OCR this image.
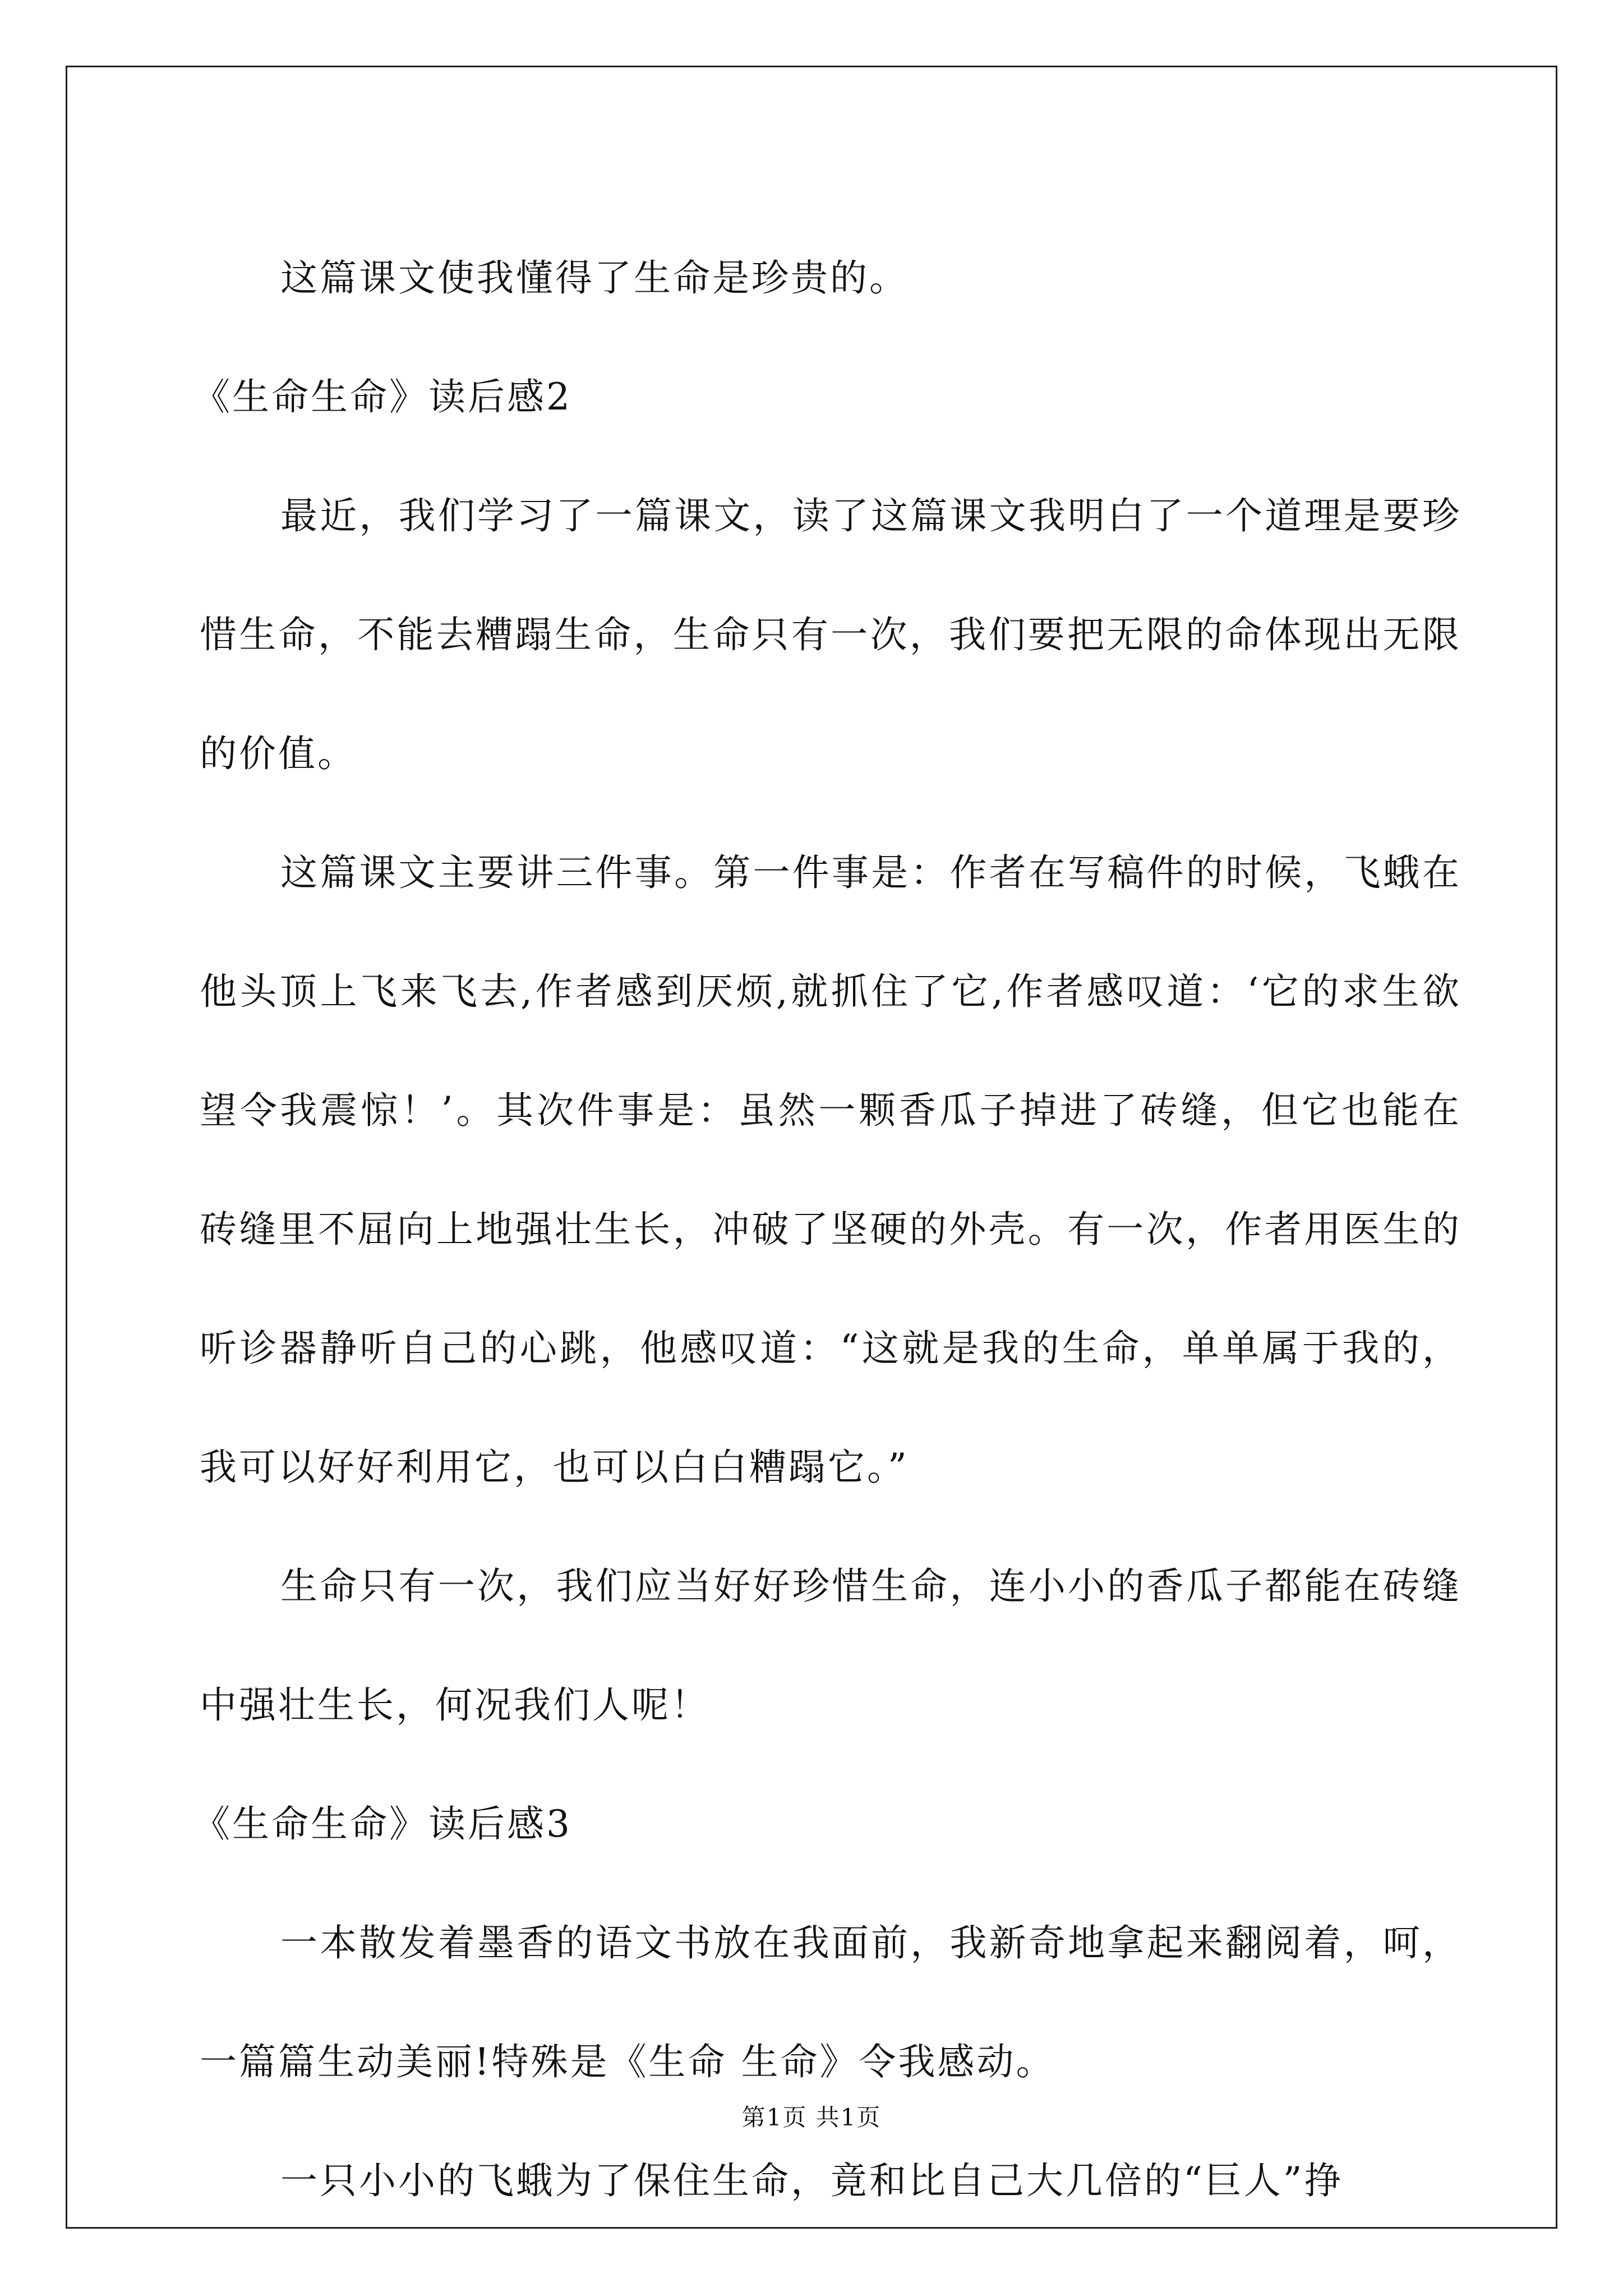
这篇课文使我懂得了生命是珍贵的。

《生命生命》读后感2

最近，我们学习了一篇课文，读了这篇课文我明白了一个道理是要珍惜生命，不能去糟蹋生命，生命只有一次，我们要把无限的命体现出无限的价值。

这篇课文主要讲三件事。第一件事是：作者在写稿件的时候，飞蛾在他头顶上飞来飞去,作者感到厌烦,就抓住了它,作者感叹道：‘它的求生欲望令我震惊！’。其次件事是：虽然一颗香瓜子掉进了砖缝，但它也能在砖缝里不屈向上地强壮生长，冲破了坚硬的外壳。有一次，作者用医生的听诊器静听自己的心跳，他感叹道：“这就是我的生命，单单属于我的，我可以好好利用它，也可以白白糟蹋它。”

生命只有一次，我们应当好好珍惜生命，连小小的香瓜子都能在砖缝中强壮生长，何况我们人呢！

《生命生命》读后感3

一本散发着墨香的语文书放在我面前，我新奇地拿起来翻阅着，呵，一篇篇生动美丽!特殊是《生命 生命》令我感动。

一只小小的飞蛾为了保住生命，竟和比自己大几倍的“巨人”挣

第1页 共1页
